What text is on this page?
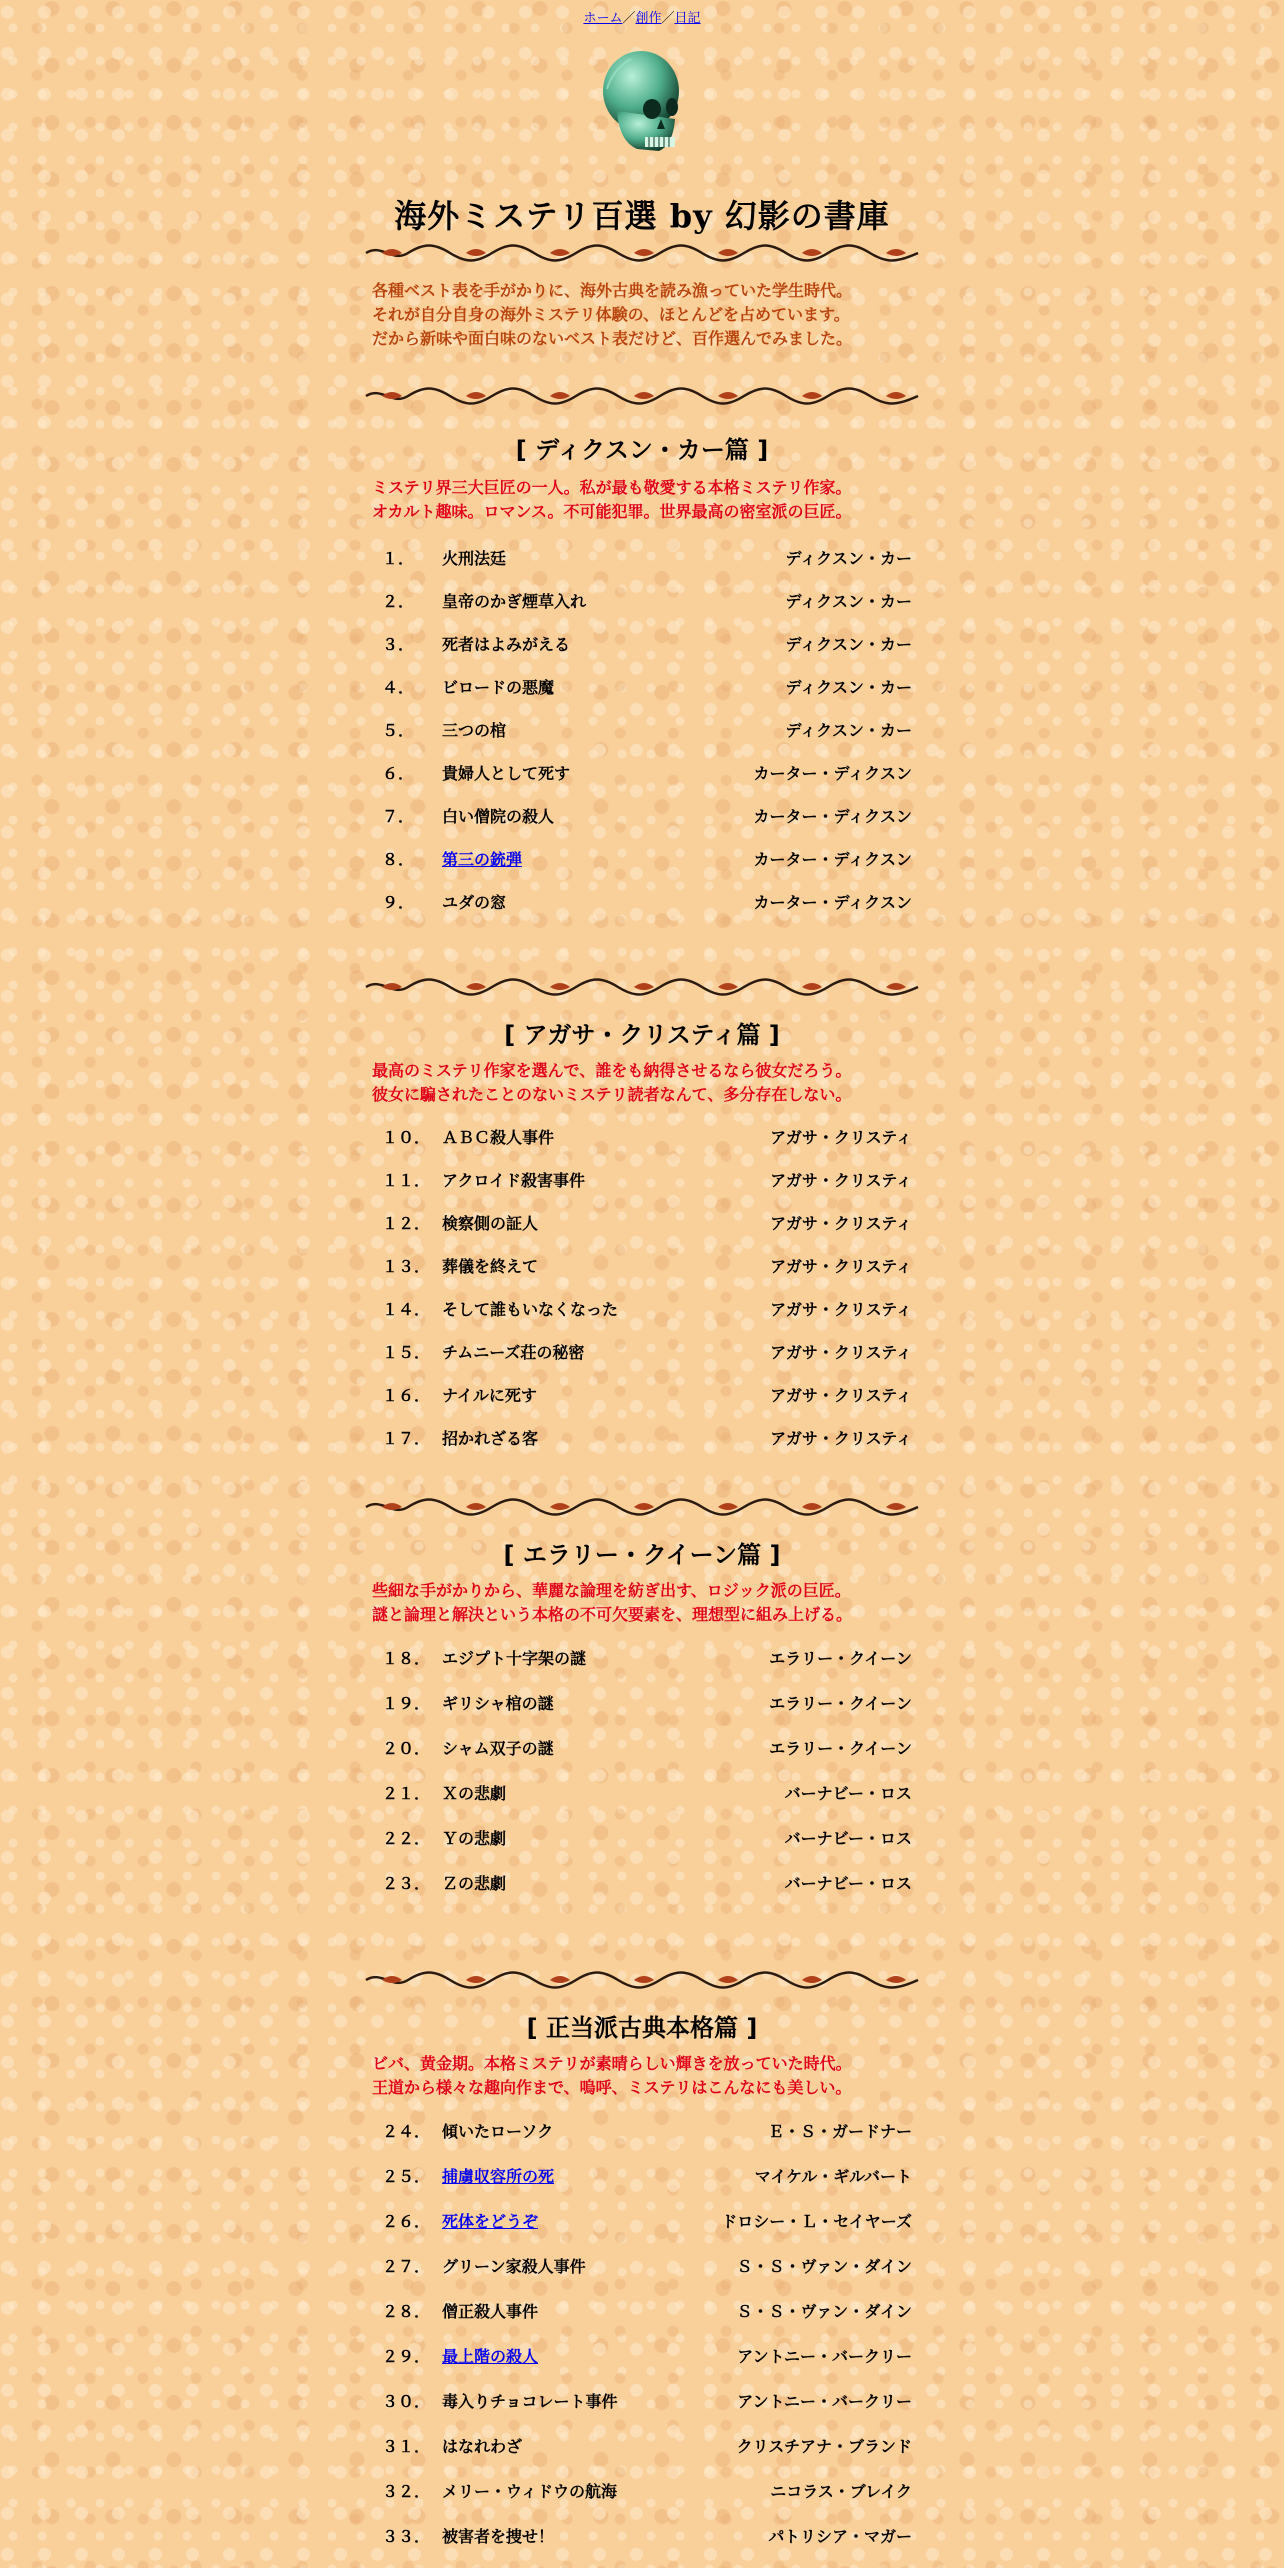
ホーム／創作／日記
海外ミステリ百選 by 幻影の書庫
各種ベスト表を手がかりに、海外古典を読み漁っていた学生時代。
それが自分自身の海外ミステリ体験の、ほとんどを占めています。
だから新味や面白味のないベスト表だけど、百作選んでみました。
[ ディクスン・カー篇 ]
ミステリ界三大巨匠の一人。私が最も敬愛する本格ミステリ作家。
オカルト趣味。ロマンス。不可能犯罪。世界最高の密室派の巨匠。
１．	火刑法廷	ディクスン・カー
２．	皇帝のかぎ煙草入れ	ディクスン・カー
３．	死者はよみがえる	ディクスン・カー
４．	ビロードの悪魔	ディクスン・カー
５．	三つの棺	ディクスン・カー
６．	貴婦人として死す	カーター・ディクスン
７．	白い僧院の殺人	カーター・ディクスン
８．	第三の銃弾	カーター・ディクスン
９．	ユダの窓	カーター・ディクスン
[ アガサ・クリスティ篇 ]
最高のミステリ作家を選んで、誰をも納得させるなら彼女だろう。
彼女に騙されたことのないミステリ読者なんて、多分存在しない。
１０．	ＡＢＣ殺人事件	アガサ・クリスティ
１１．	アクロイド殺害事件	アガサ・クリスティ
１２．	検察側の証人	アガサ・クリスティ
１３．	葬儀を終えて	アガサ・クリスティ
１４．	そして誰もいなくなった	アガサ・クリスティ
１５．	チムニーズ荘の秘密	アガサ・クリスティ
１６．	ナイルに死す	アガサ・クリスティ
１７．	招かれざる客	アガサ・クリスティ
[ エラリー・クイーン篇 ]
些細な手がかりから、華麗な論理を紡ぎ出す、ロジック派の巨匠。
謎と論理と解決という本格の不可欠要素を、理想型に組み上げる。
１８．	エジプト十字架の謎	エラリー・クイーン
１９．	ギリシャ棺の謎	エラリー・クイーン
２０．	シャム双子の謎	エラリー・クイーン
２１．	Ｘの悲劇	バーナビー・ロス
２２．	Ｙの悲劇	バーナビー・ロス
２３．	Ｚの悲劇	バーナビー・ロス
[ 正当派古典本格篇 ]
ビバ、黄金期。本格ミステリが素晴らしい輝きを放っていた時代。
王道から様々な趣向作まで、嗚呼、ミステリはこんなにも美しい。
２４．	傾いたローソク	Ｅ・Ｓ・ガードナー
２５．	捕虜収容所の死	マイケル・ギルバート
２６．	死体をどうぞ	ドロシー・Ｌ・セイヤーズ
２７．	グリーン家殺人事件	Ｓ・Ｓ・ヴァン・ダイン
２８．	僧正殺人事件	Ｓ・Ｓ・ヴァン・ダイン
２９．	最上階の殺人	アントニー・バークリー
３０．	毒入りチョコレート事件	アントニー・バークリー
３１．	はなれわざ	クリスチアナ・ブランド
３２．	メリー・ウィドウの航海	ニコラス・ブレイク
３３．	被害者を捜せ！	パトリシア・マガー
